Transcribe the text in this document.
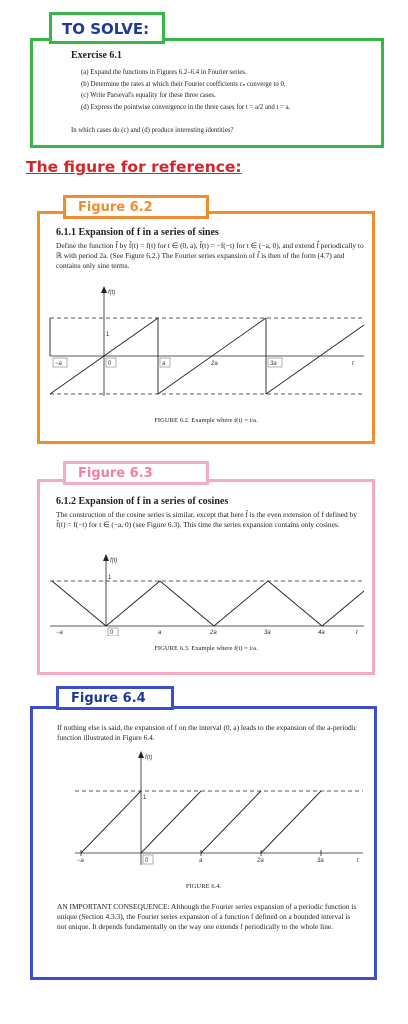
Exercise 6.1

(a) Expand the functions in Figures 6.2–6.4 in Fourier series.
(b) Determine the rates at which their Fourier coefficients cₙ converge to 0.
(c) Write Parseval's equality for these three cases.
(d) Express the pointwise convergence in the three cases for t = a/2 and t = a.

In which cases do (c) and (d) produce interesting identities?

TO SOLVE:

The figure for reference:

6.1.1 Expansion of f in a series of sines

Define the function f̃ by f̃(t) = f(t) for t ∈ (0, a), f̃(t) = −f(−t) for t ∈ (−a, 0), and extend f̃ periodically to ℝ with period 2a. (See Figure 6.2.) The Fourier series expansion of f̃ is then of the form (4.7) and contains only sine terms.

f(t)
1
−a	0	a	2a	3a	t

FIGURE 6.2. Example where f(t) = t/a.

Figure 6.2

6.1.2 Expansion of f in a series of cosines

The construction of the cosine series is similar, except that here f̃ is the even extension of f defined by f̃(t) = f(−t) for t ∈ (−a, 0) (see Figure 6.3). This time the series expansion contains only cosines.

f(t)
1
−a	0	a	2a	3a	4a	t

FIGURE 6.3. Example where f(t) = t/a.

Figure 6.3

If nothing else is said, the expansion of f on the interval (0, a) leads to the expansion of the a-periodic function illustrated in Figure 6.4.

f(t)
1
−a	0	a	2a	3a	t

FIGURE 6.4.

AN IMPORTANT CONSEQUENCE: Although the Fourier series expansion of a periodic function is unique (Section 4.3.3), the Fourier series expansion of a function f defined on a bounded interval is not unique. It depends fundamentally on the way one extends f periodically to the whole line.

Figure 6.4
